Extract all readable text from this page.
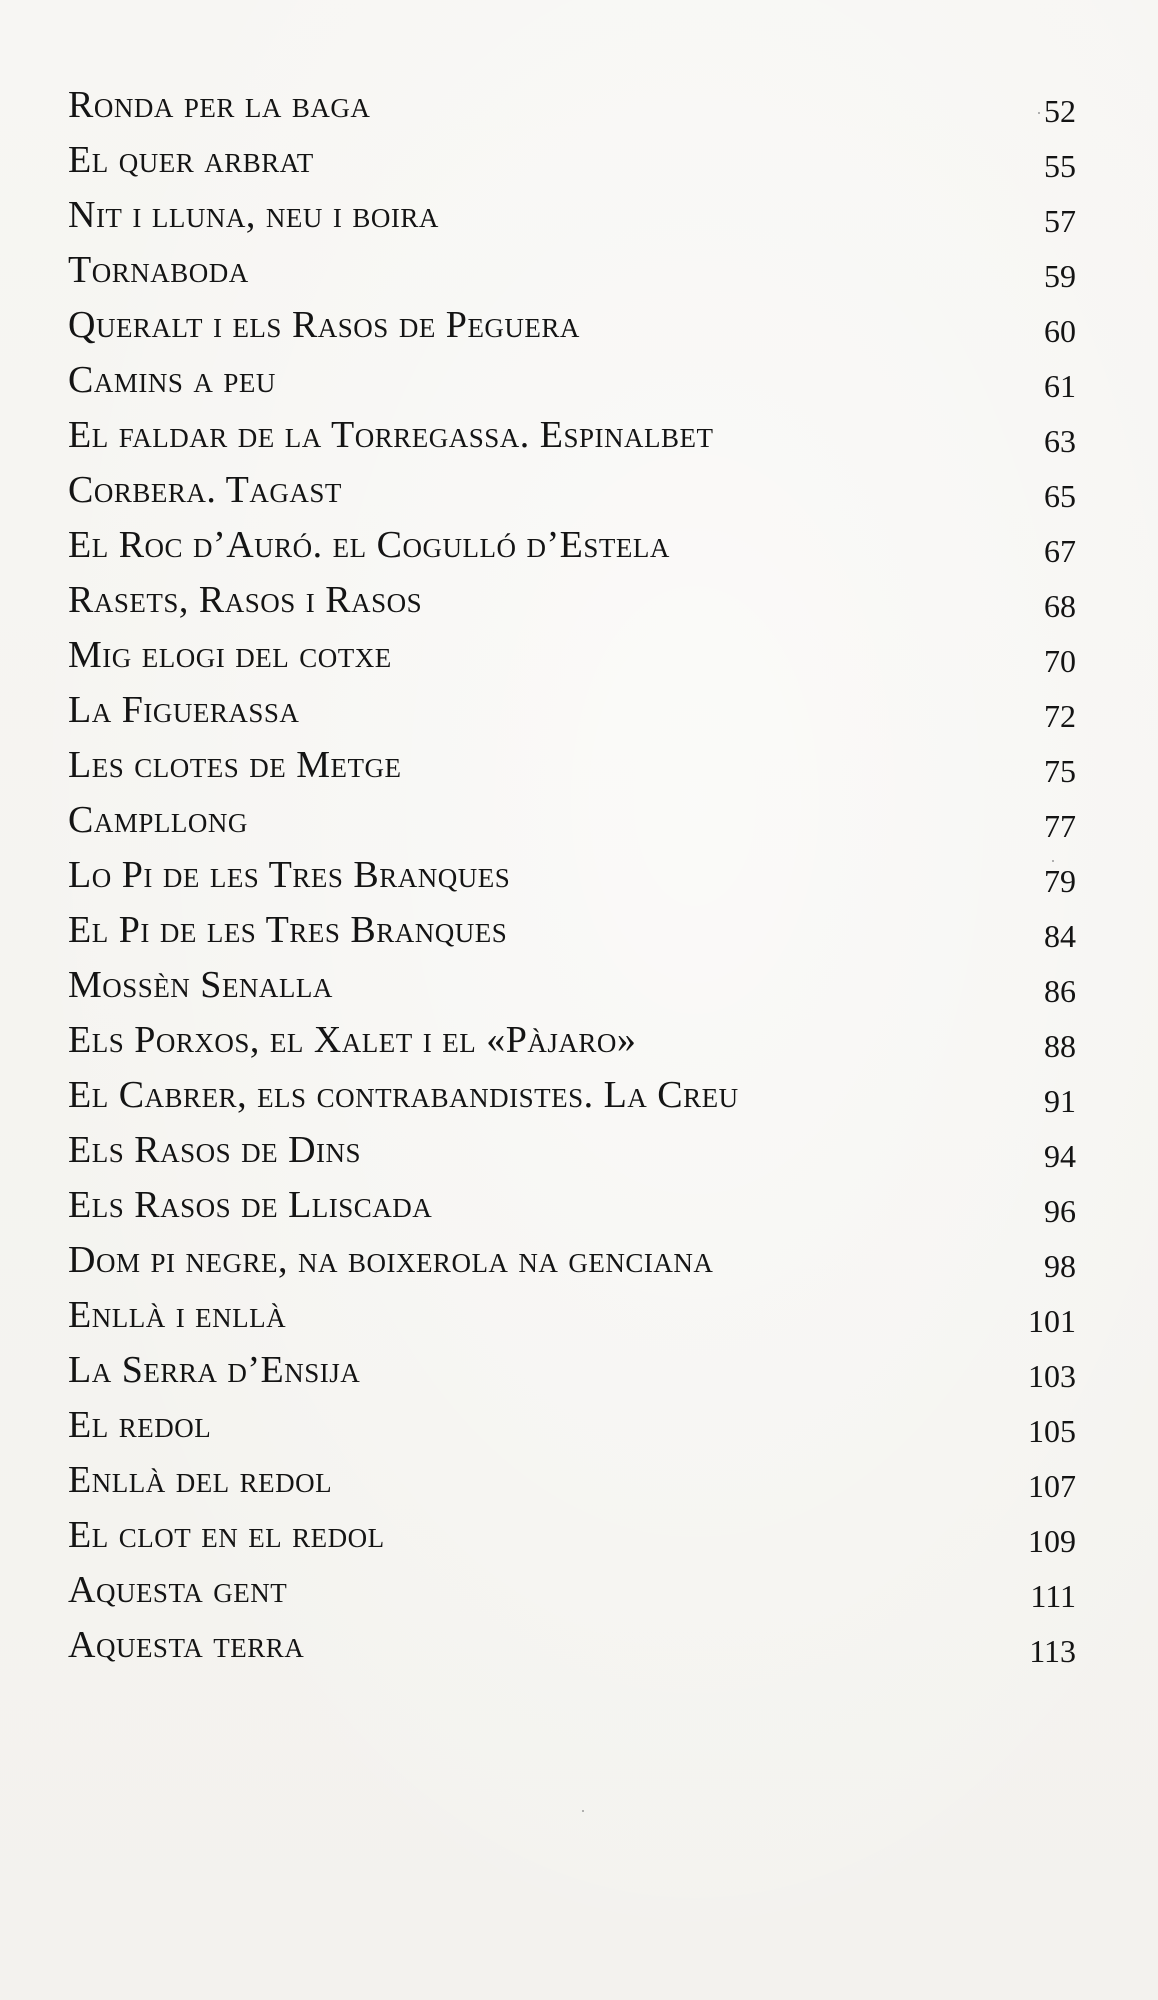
Ronda per la baga	52
El quer arbrat	55
Nit i lluna, neu i boira	57
Tornaboda	59
Queralt i els Rasos de Peguera	60
Camins a peu	61
El faldar de la Torregassa. Espinalbet	63
Corbera. Tagast	65
El Roc d’Auró. el Cogulló d’Estela	67
Rasets, Rasos i Rasos	68
Mig elogi del cotxe	70
La Figuerassa	72
Les clotes de Metge	75
Campllong	77
Lo Pi de les Tres Branques	79
El Pi de les Tres Branques	84
Mossèn Senalla	86
Els Porxos, el Xalet i el «Pàjaro»	88
El Cabrer, els contrabandistes. La Creu	91
Els Rasos de Dins	94
Els Rasos de Lliscada	96
Dom pi negre, na boixerola na genciana	98
Enllà i enllà	101
La Serra d’Ensija	103
El redol	105
Enllà del redol	107
El clot en el redol	109
Aquesta gent	111
Aquesta terra	113
